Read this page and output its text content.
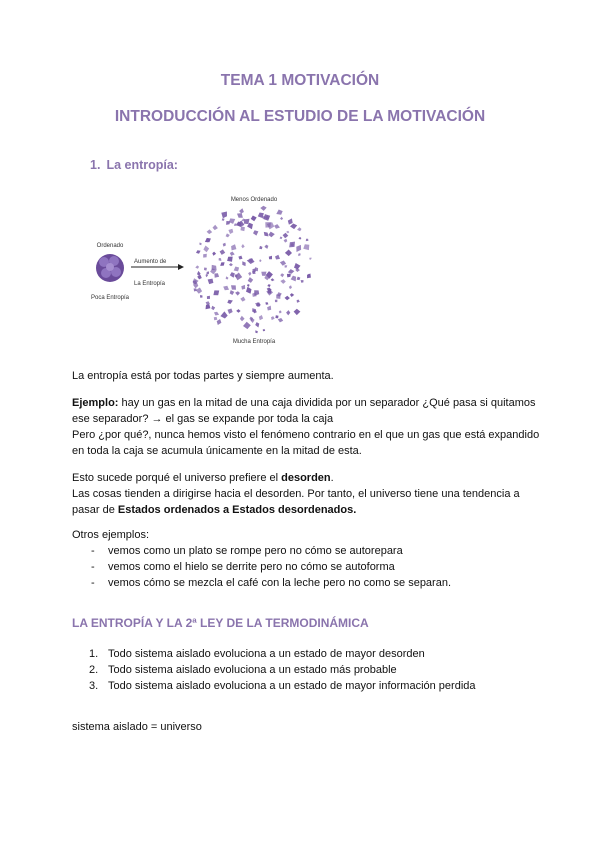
TEMA 1 MOTIVACIÓN
INTRODUCCIÓN AL ESTUDIO DE LA MOTIVACIÓN
1. La entropía:
Ordenado
Poca Entropía
Aumento de
La Entropía
Menos Ordenado
Mucha Entropía
La entropía está por todas partes y siempre aumenta.
Ejemplo: hay un gas en la mitad de una caja dividida por un separador ¿Qué pasa si quitamos ese separador? → el gas se expande por toda la caja
Pero ¿por qué?, nunca hemos visto el fenómeno contrario en el que un gas que está expandido en toda la caja se acumula únicamente en la mitad de esta.
Esto sucede porqué el universo prefiere el desorden.
Las cosas tienden a dirigirse hacia el desorden. Por tanto, el universo tiene una tendencia a pasar de Estados ordenados a Estados desordenados.
Otros ejemplos:
- vemos como un plato se rompe pero no cómo se autorepara
- vemos como el hielo se derrite pero no cómo se autoforma
- vemos cómo se mezcla el café con la leche pero no como se separan.
LA ENTROPÍA Y LA 2ª LEY DE LA TERMODINÁMICA
1. Todo sistema aislado evoluciona a un estado de mayor desorden
2. Todo sistema aislado evoluciona a un estado más probable
3. Todo sistema aislado evoluciona a un estado de mayor información perdida
sistema aislado = universo
